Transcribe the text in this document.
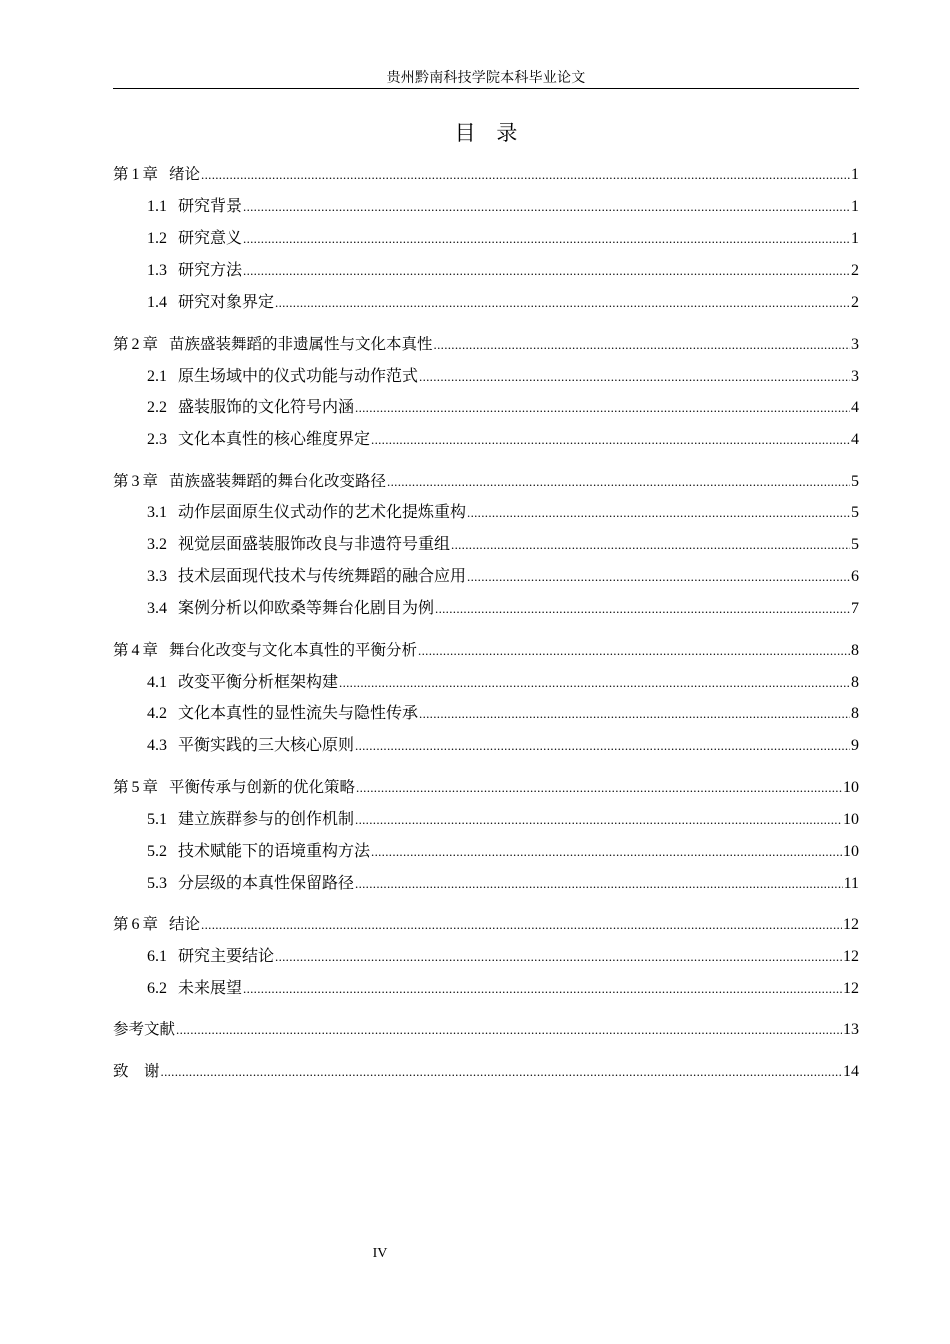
贵州黔南科技学院本科毕业论文
目 录
第 1 章 绪论 .....	1
1.1 研究背景 .....	1
1.2 研究意义 .....	1
1.3 研究方法 .....	2
1.4 研究对象界定 .....	2
第 2 章 苗族盛装舞蹈的非遗属性与文化本真性 .....	3
2.1 原生场域中的仪式功能与动作范式 .....	3
2.2 盛装服饰的文化符号内涵 .....	4
2.3 文化本真性的核心维度界定 .....	4
第 3 章 苗族盛装舞蹈的舞台化改变路径 .....	5
3.1 动作层面原生仪式动作的艺术化提炼重构 .....	5
3.2 视觉层面盛装服饰改良与非遗符号重组 .....	5
3.3 技术层面现代技术与传统舞蹈的融合应用 .....	6
3.4 案例分析以仰欧桑等舞台化剧目为例 .....	7
第 4 章 舞台化改变与文化本真性的平衡分析 .....	8
4.1 改变平衡分析框架构建 .....	8
4.2 文化本真性的显性流失与隐性传承 .....	8
4.3 平衡实践的三大核心原则 .....	9
第 5 章 平衡传承与创新的优化策略 .....	10
5.1 建立族群参与的创作机制 .....	10
5.2 技术赋能下的语境重构方法 .....	10
5.3 分层级的本真性保留路径 .....	11
第 6 章 结论 .....	12
6.1 研究主要结论 .....	12
6.2 未来展望 .....	12
参考文献 .....	13
致　谢 .....	14
IV
